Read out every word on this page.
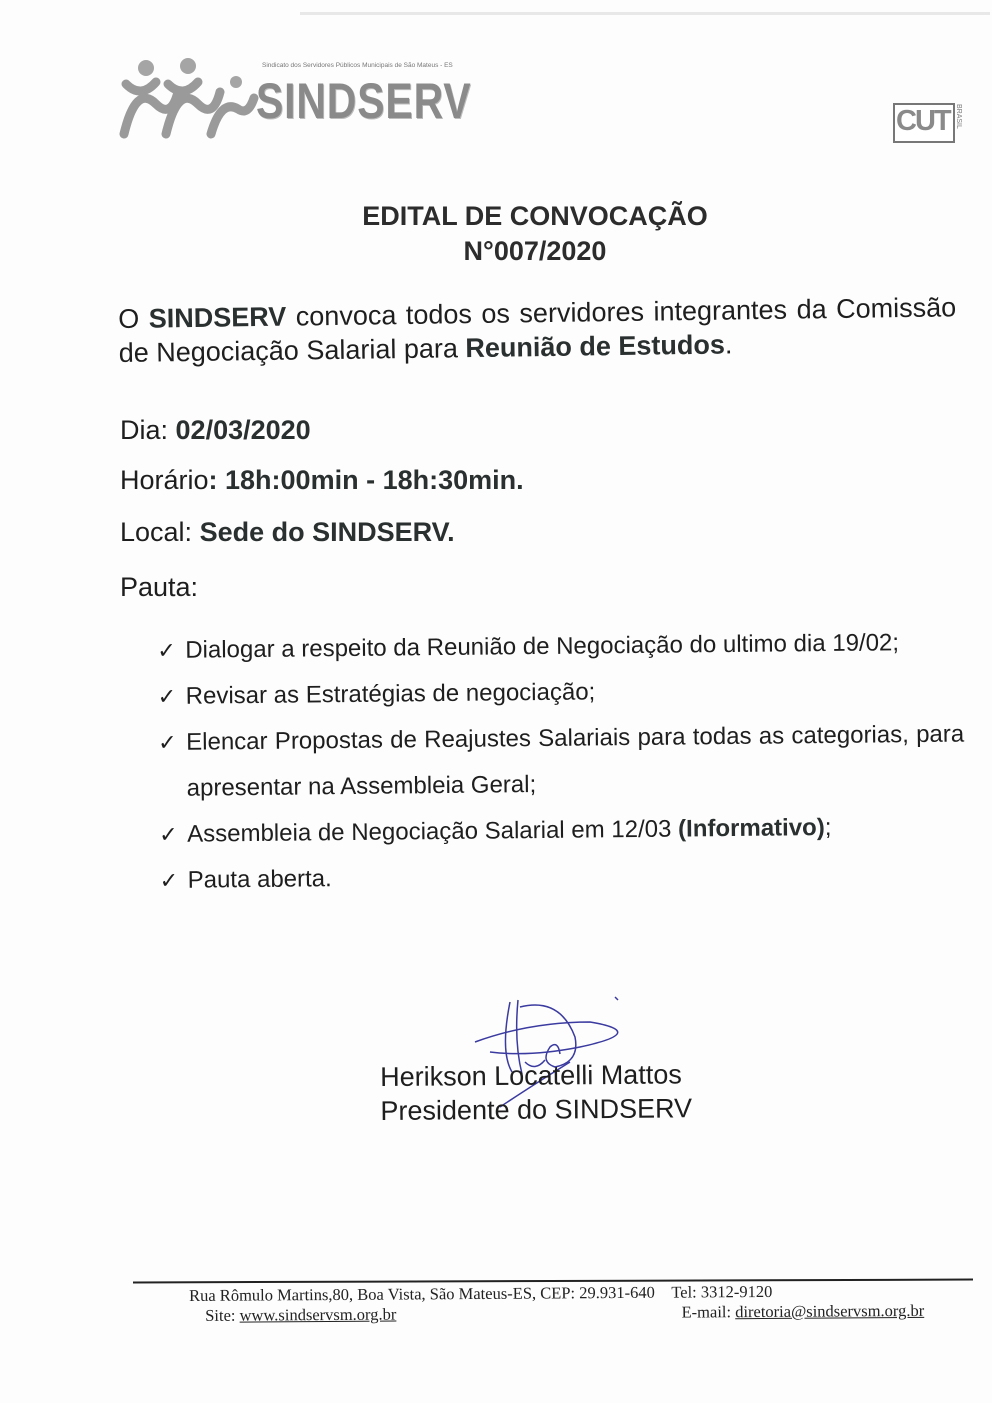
Sindicato dos Servidores Públicos Municipais de São Mateus - ES
SINDSERV	CUT BRASIL
EDITAL DE CONVOCAÇÃO
N°007/2020
O SINDSERV convoca todos os servidores integrantes da Comissão de Negociação Salarial para Reunião de Estudos.
Dia: 02/03/2020
Horário: 18h:00min - 18h:30min.
Local: Sede do SINDSERV.
Pauta:
✓ Dialogar a respeito da Reunião de Negociação do ultimo dia 19/02;
✓ Revisar as Estratégias de negociação;
✓ Elencar Propostas de Reajustes Salariais para todas as categorias, para apresentar na Assembleia Geral;
✓ Assembleia de Negociação Salarial em 12/03 (Informativo);
✓ Pauta aberta.
Herikson Locatelli Mattos
Presidente do SINDSERV
Rua Rômulo Martins,80, Boa Vista, São Mateus-ES, CEP: 29.931-640 Tel: 3312-9120
Site: www.sindservsm.org.br	E-mail: diretoria@sindservsm.org.br
